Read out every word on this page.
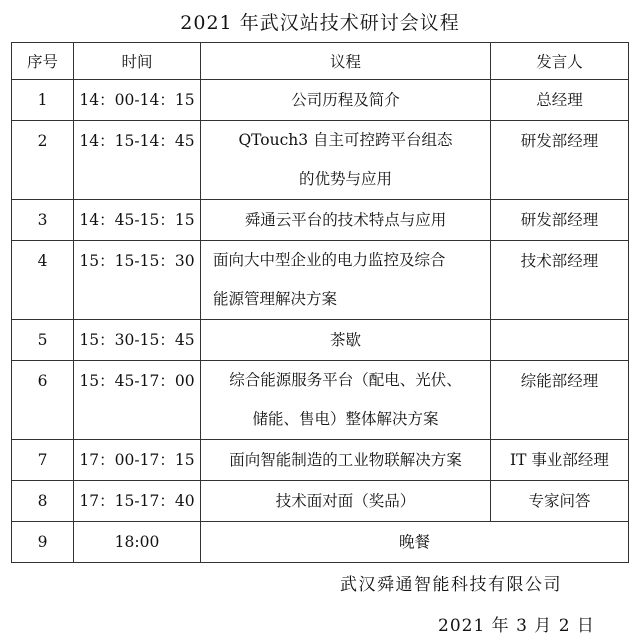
2021 年武汉站技术研讨会议程
序号	时间	议程	发言人
1	14：00-14：15	公司历程及简介	总经理
2	14：15-14：45	QTouch3 自主可控跨平台组态
的优势与应用	研发部经理
3	14：45-15：15	舜通云平台的技术特点与应用	研发部经理
4	15：15-15：30	面向大中型企业的电力监控及综合
能源管理解决方案	技术部经理
5	15：30-15：45	茶歇	
6	15：45-17：00	综合能源服务平台（配电、光伏、
储能、售电）整体解决方案	综能部经理
7	17：00-17：15	面向智能制造的工业物联解决方案	IT 事业部经理
8	17：15-17：40	技术面对面（奖品）	专家问答
9	18:00	晚餐	
武汉舜通智能科技有限公司
2021 年 3 月 2 日
